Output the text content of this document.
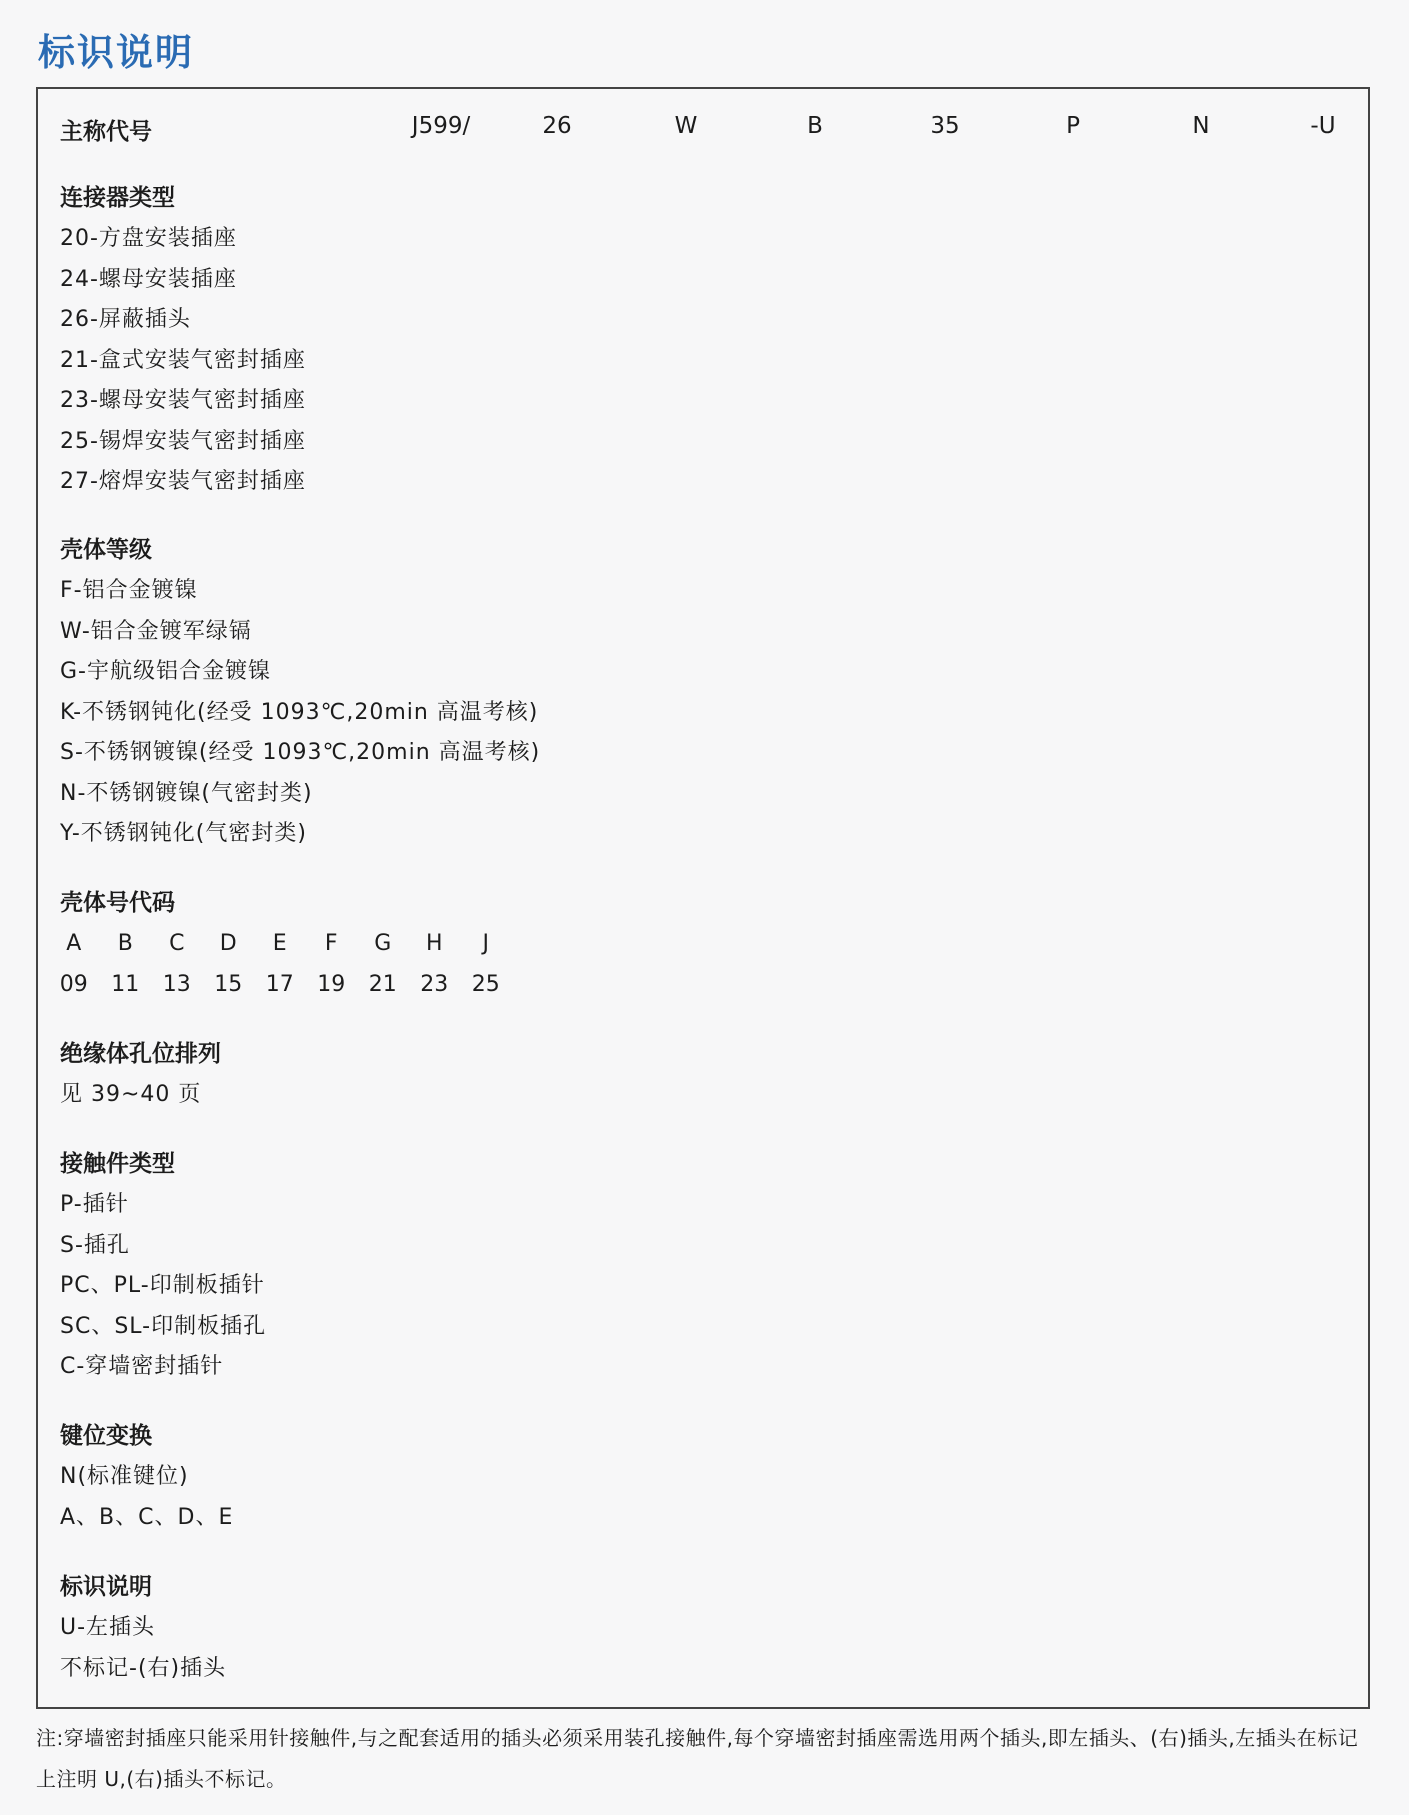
标识说明
主称代号	J599/	26	W	B	35	P	N	-U
连接器类型
20-方盘安装插座
24-螺母安装插座
26-屏蔽插头
21-盒式安装气密封插座
23-螺母安装气密封插座
25-锡焊安装气密封插座
27-熔焊安装气密封插座
壳体等级
F-铝合金镀镍
W-铝合金镀军绿镉
G-宇航级铝合金镀镍
K-不锈钢钝化(经受 1093℃,20min 高温考核)
S-不锈钢镀镍(经受 1093℃,20min 高温考核)
N-不锈钢镀镍(气密封类)
Y-不锈钢钝化(气密封类)
壳体号代码
A	B	C	D	E	F	G	H	J
09	11	13	15	17	19	21	23	25
绝缘体孔位排列
见 39~40 页
接触件类型
P-插针
S-插孔
PC、PL-印制板插针
SC、SL-印制板插孔
C-穿墙密封插针
键位变换
N(标准键位)
A、B、C、D、E
标识说明
U-左插头
不标记-(右)插头
注:穿墙密封插座只能采用针接触件,与之配套适用的插头必须采用装孔接触件,每个穿墙密封插座需选用两个插头,即左插头、(右)插头,左插头在标记上注明 U,(右)插头不标记。
